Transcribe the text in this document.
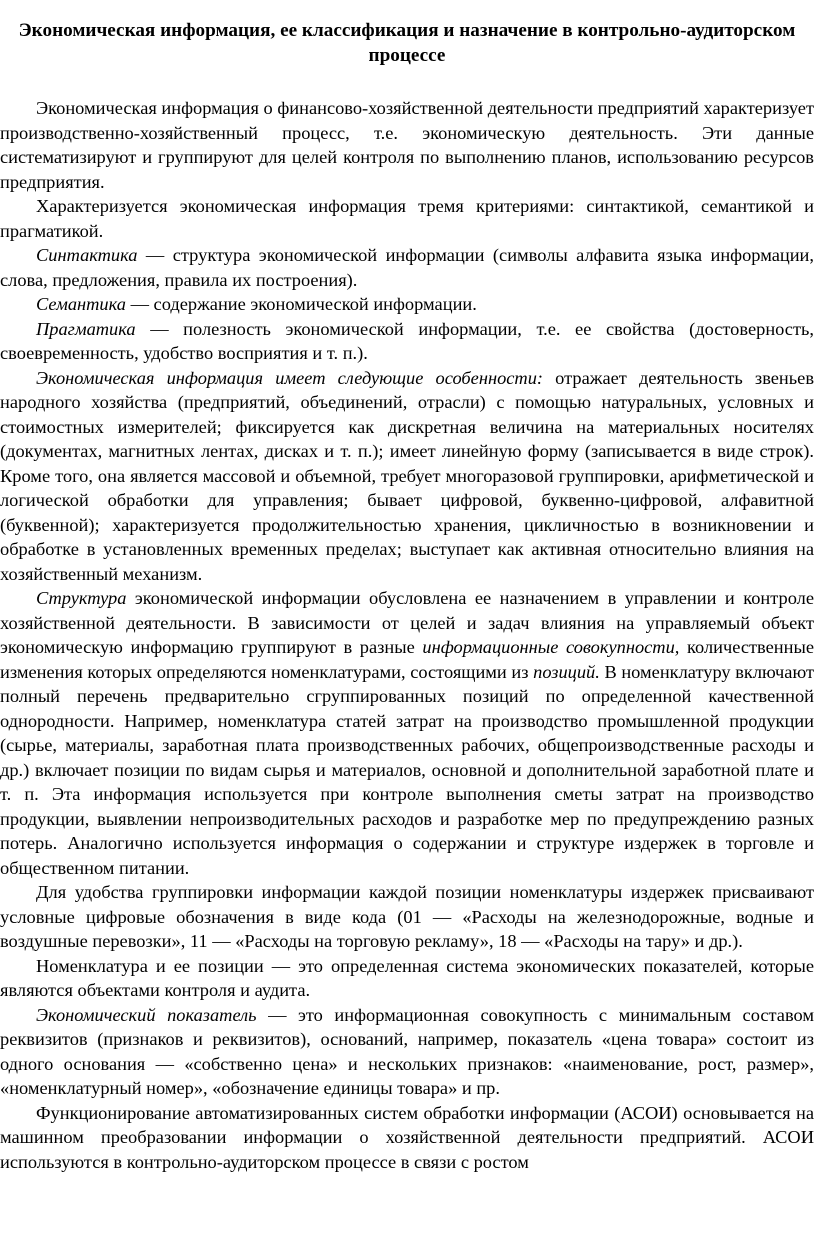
Экономическая информация, ее классификация и назначение в контрольно-аудиторском процессе

Экономическая информация о финансово-хозяйственной деятельности предприятий характеризует производственно-хозяйственный процесс, т.е. экономическую деятельность. Эти данные систематизируют и группируют для целей контроля по выполнению планов, использованию ресурсов предприятия.

Характеризуется экономическая информация тремя критериями: синтактикой, семантикой и прагматикой.

Синтактика — структура экономической информации (символы алфавита языка информации, слова, предложения, правила их построения).

Семантика — содержание экономической информации.

Прагматика — полезность экономической информации, т.е. ее свойства (достоверность, своевременность, удобство восприятия и т. п.).

Экономическая информация имеет следующие особенности: отражает деятельность звеньев народного хозяйства (предприятий, объединений, отрасли) с помощью натуральных, условных и стоимостных измерителей; фиксируется как дискретная величина на материальных носителях (документах, магнитных лентах, дисках и т. п.); имеет линейную форму (записывается в виде строк). Кроме того, она является массовой и объемной, требует многоразовой группировки, арифметической и логической обработки для управления; бывает цифровой, буквенно-цифровой, алфавитной (буквенной); характеризуется продолжительностью хранения, цикличностью в возникновении и обработке в установленных временных пределах; выступает как активная относительно влияния на хозяйственный механизм.

Структура экономической информации обусловлена ее назначением в управлении и контроле хозяйственной деятельности. В зависимости от целей и задач влияния на управляемый объект экономическую информацию группируют в разные информационные совокупности, количественные изменения которых определяются номенклатурами, состоящими из позиций. В номенклатуру включают полный перечень предварительно сгруппированных позиций по определенной качественной однородности. Например, номенклатура статей затрат на производство промышленной продукции (сырье, материалы, заработная плата производственных рабочих, общепроизводственные расходы и др.) включает позиции по видам сырья и материалов, основной и дополнительной заработной плате и т. п. Эта информация используется при контроле выполнения сметы затрат на производство продукции, выявлении непроизводительных расходов и разработке мер по предупреждению разных потерь. Аналогично используется информация о содержании и структуре издержек в торговле и общественном питании.

Для удобства группировки информации каждой позиции номенклатуры издержек присваивают условные цифровые обозначения в виде кода (01 — «Расходы на железнодорожные, водные и воздушные перевозки», 11 — «Расходы на торговую рекламу», 18 — «Расходы на тару» и др.).

Номенклатура и ее позиции — это определенная система экономических показателей, которые являются объектами контроля и аудита.

Экономический показатель — это информационная совокупность с минимальным составом реквизитов (признаков и реквизитов), оснований, например, показатель «цена товара» состоит из одного основания — «собственно цена» и нескольких признаков: «наименование, рост, размер», «номенклатурный номер», «обозначение единицы товара» и пр.

Функционирование автоматизированных систем обработки информации (АСОИ) основывается на машинном преобразовании информации о хозяйственной деятельности предприятий. АСОИ используются в контрольно-аудиторском процессе в связи с ростом
